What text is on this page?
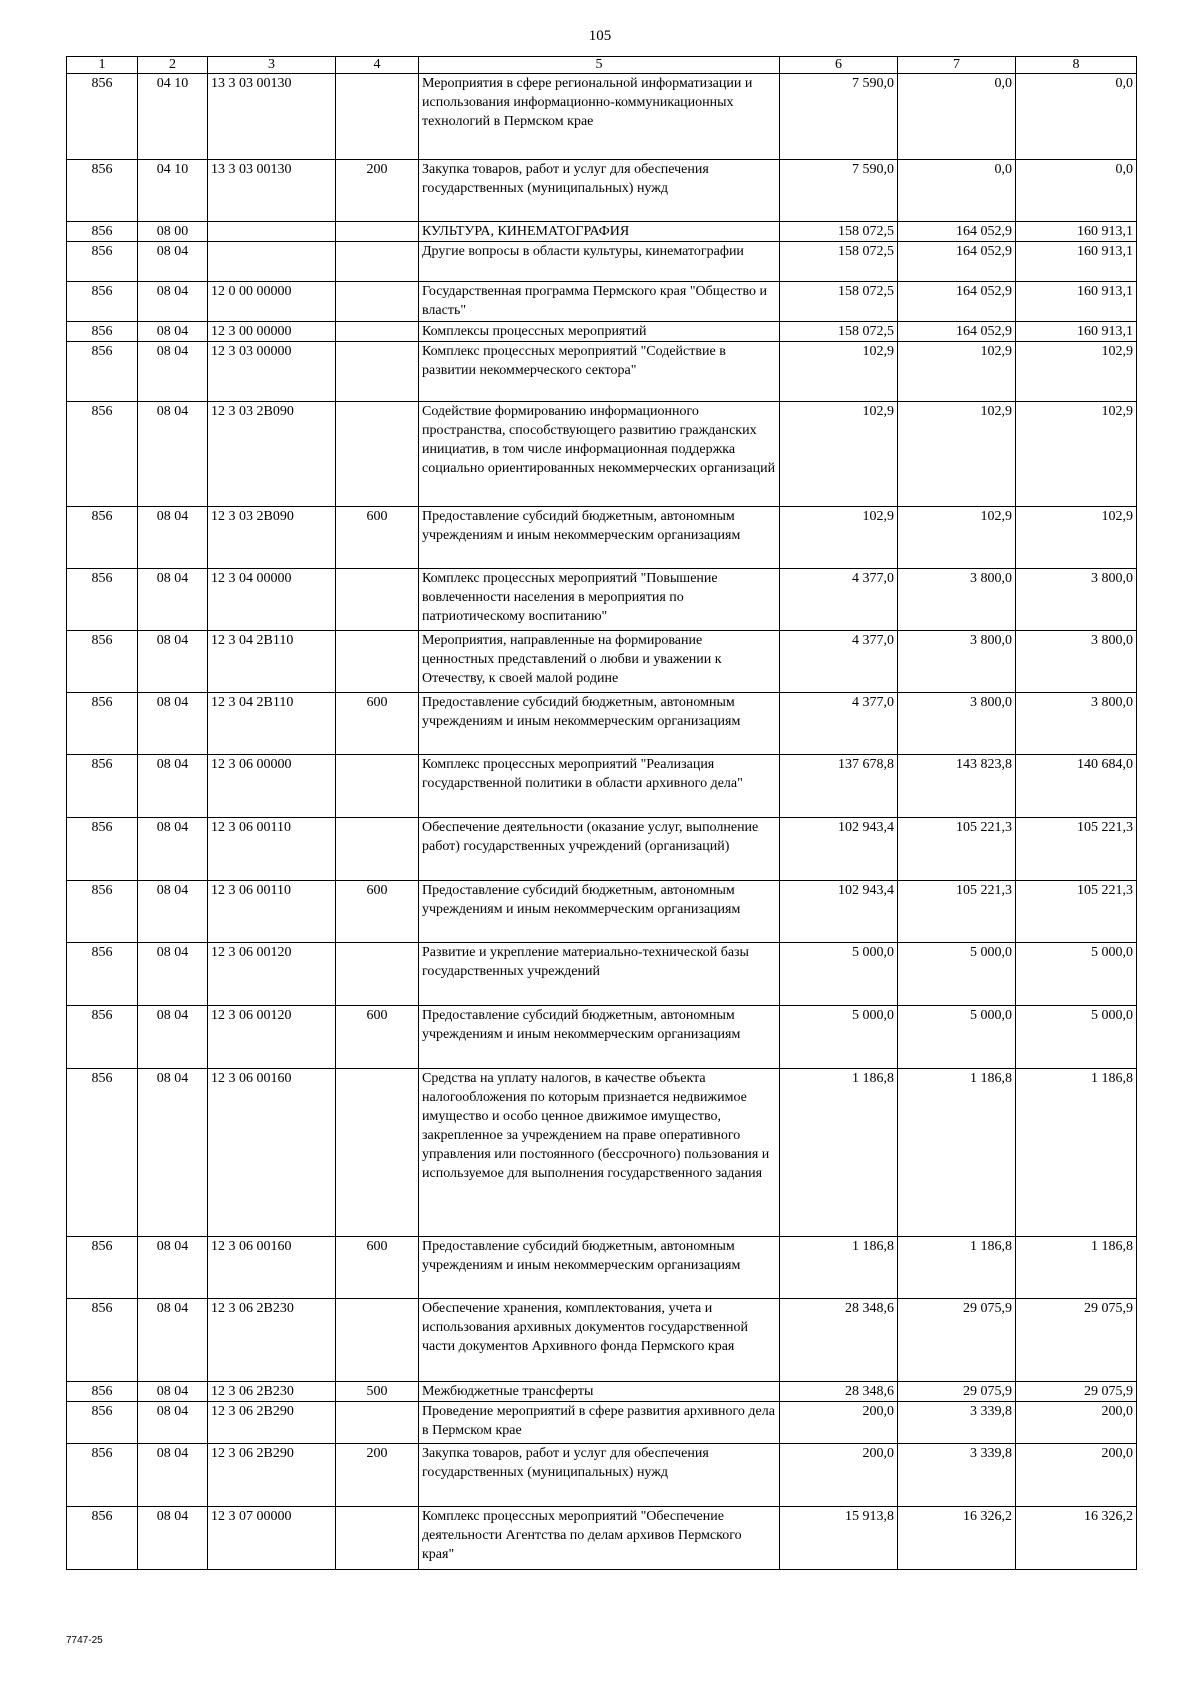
105
1	2	3	4	5	6	7	8
856	04 10	13 3 03 00130		Мероприятия в сфере региональной информатизации и использования информационно-коммуникационных технологий в Пермском крае	7 590,0	0,0	0,0
856	04 10	13 3 03 00130	200	Закупка товаров, работ и услуг для обеспечения государственных (муниципальных) нужд	7 590,0	0,0	0,0
856	08 00			КУЛЬТУРА, КИНЕМАТОГРАФИЯ	158 072,5	164 052,9	160 913,1
856	08 04			Другие вопросы в области культуры, кинематографии	158 072,5	164 052,9	160 913,1
856	08 04	12 0 00 00000		Государственная программа Пермского края "Общество и власть"	158 072,5	164 052,9	160 913,1
856	08 04	12 3 00 00000		Комплексы процессных мероприятий	158 072,5	164 052,9	160 913,1
856	08 04	12 3 03 00000		Комплекс процессных мероприятий "Содействие в развитии некоммерческого сектора"	102,9	102,9	102,9
856	08 04	12 3 03 2В090		Содействие формированию информационного пространства, способствующего развитию гражданских инициатив, в том числе информационная поддержка социально ориентированных некоммерческих организаций	102,9	102,9	102,9
856	08 04	12 3 03 2В090	600	Предоставление субсидий бюджетным, автономным учреждениям и иным некоммерческим организациям	102,9	102,9	102,9
856	08 04	12 3 04 00000		Комплекс процессных мероприятий "Повышение вовлеченности населения в мероприятия по патриотическому воспитанию"	4 377,0	3 800,0	3 800,0
856	08 04	12 3 04 2В110		Мероприятия, направленные на формирование ценностных представлений о любви и уважении к Отечеству, к своей малой родине	4 377,0	3 800,0	3 800,0
856	08 04	12 3 04 2В110	600	Предоставление субсидий бюджетным, автономным учреждениям и иным некоммерческим организациям	4 377,0	3 800,0	3 800,0
856	08 04	12 3 06 00000		Комплекс процессных мероприятий "Реализация государственной политики в области архивного дела"	137 678,8	143 823,8	140 684,0
856	08 04	12 3 06 00110		Обеспечение деятельности (оказание услуг, выполнение работ) государственных учреждений (организаций)	102 943,4	105 221,3	105 221,3
856	08 04	12 3 06 00110	600	Предоставление субсидий бюджетным, автономным учреждениям и иным некоммерческим организациям	102 943,4	105 221,3	105 221,3
856	08 04	12 3 06 00120		Развитие и укрепление материально-технической базы государственных учреждений	5 000,0	5 000,0	5 000,0
856	08 04	12 3 06 00120	600	Предоставление субсидий бюджетным, автономным учреждениям и иным некоммерческим организациям	5 000,0	5 000,0	5 000,0
856	08 04	12 3 06 00160		Средства на уплату налогов, в качестве объекта налогообложения по которым признается недвижимое имущество и особо ценное движимое имущество, закрепленное за учреждением на праве оперативного управления или постоянного (бессрочного) пользования и используемое для выполнения государственного задания	1 186,8	1 186,8	1 186,8
856	08 04	12 3 06 00160	600	Предоставление субсидий бюджетным, автономным учреждениям и иным некоммерческим организациям	1 186,8	1 186,8	1 186,8
856	08 04	12 3 06 2В230		Обеспечение хранения, комплектования, учета и использования архивных документов государственной части документов Архивного фонда Пермского края	28 348,6	29 075,9	29 075,9
856	08 04	12 3 06 2В230	500	Межбюджетные трансферты	28 348,6	29 075,9	29 075,9
856	08 04	12 3 06 2В290		Проведение мероприятий в сфере развития архивного дела в Пермском крае	200,0	3 339,8	200,0
856	08 04	12 3 06 2В290	200	Закупка товаров, работ и услуг для обеспечения государственных (муниципальных) нужд	200,0	3 339,8	200,0
856	08 04	12 3 07 00000		Комплекс процессных мероприятий "Обеспечение деятельности Агентства по делам архивов Пермского края"	15 913,8	16 326,2	16 326,2
7747-25
